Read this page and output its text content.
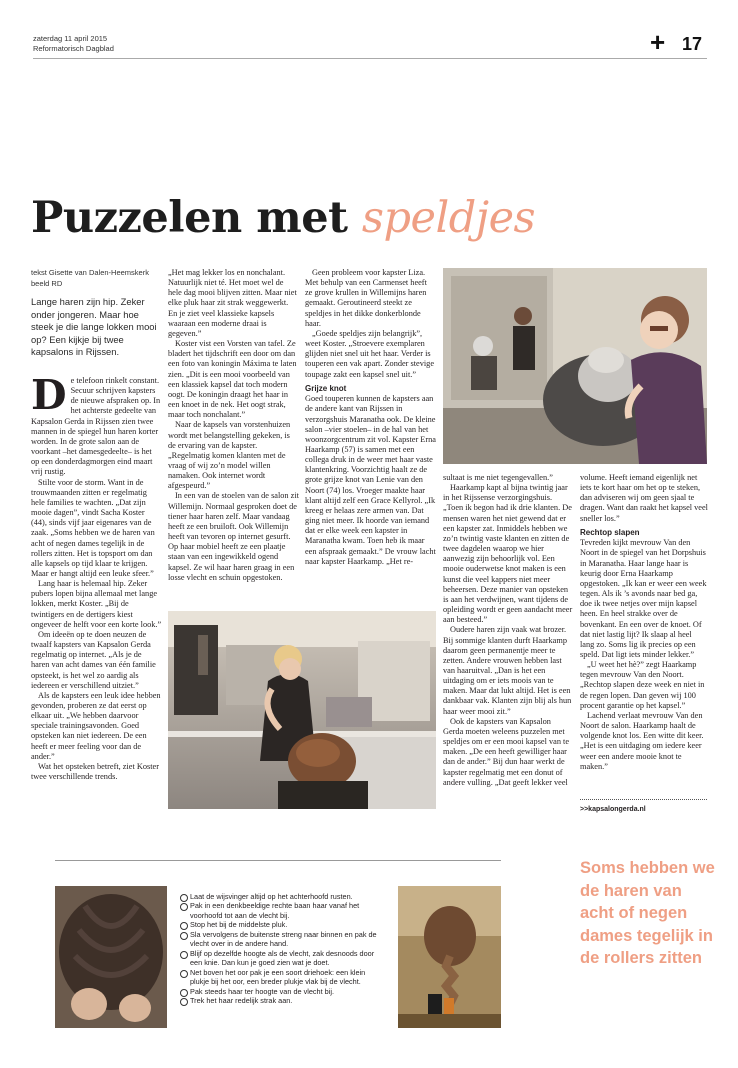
zaterdag 11 april 2015
Reformatorisch Dagblad	+ 17
Puzzelen met speldjes
tekst Gisette van Dalen-Heemskerk
beeld RD
Lange haren zijn hip. Zeker onder jongeren. Maar hoe steek je die lange lokken mooi op? Een kijkje bij twee kapsalons in Rijssen.

De telefoon rinkelt constant. Secuur schrijven kapsters de nieuwe afspraken op. In het achterste gedeelte van Kapsalon Gerda in Rijssen zien twee mannen in de spiegel hun haren korter worden. In de grote salon aan de voorkant –het damesgedeelte– is het op een donderdagmorgen eind maart vrij rustig.

Stilte voor de storm. Want in de trouwmaanden zitten er regelmatig hele families te wachten. „Dat zijn mooie dagen”, vindt Sacha Koster (44), sinds vijf jaar eigenares van de zaak. „Soms hebben we de haren van acht of negen dames tegelijk in de rollers zitten. Het is topsport om dan alle kapsels op tijd klaar te krijgen. Maar er hangt altijd een leuke sfeer.”

Lang haar is helemaal hip. Zeker pubers lopen bijna allemaal met lange lokken, merkt Koster. „Bij de twintigers en de dertigers kiest ongeveer de helft voor een korte look.”

Om ideeën op te doen neuzen de twaalf kapsters van Kapsalon Gerda regelmatig op internet. „Als je de haren van acht dames van één familie opsteekt, is het wel zo aardig als iedereen er verschillend uitziet.”

Als de kapsters een leuk idee hebben gevonden, proberen ze dat eerst op elkaar uit. „We hebben daarvoor speciale trainingsavonden. Goed opsteken kan niet iedereen. De een heeft er meer feeling voor dan de ander.”

Wat het opsteken betreft, ziet Koster twee verschillende trends.

„Het mag lekker los en nonchalant. Natuurlijk niet té. Het moet wel de hele dag mooi blijven zitten. Maar niet elke pluk haar zit strak weggewerkt. En je ziet veel klassieke kapsels waaraan een moderne draai is gegeven.”

Koster vist een Vorsten van tafel. Ze bladert het tijdschrift een door om dan een foto van koningin Máxima te laten zien. „Dit is een mooi voorbeeld van een klassiek kapsel dat toch modern oogt. De koningin draagt het haar in een knoet in de nek. Het oogt strak, maar toch nonchalant.”

Naar de kapsels van vorstenhuizen wordt met belangstelling gekeken, is de ervaring van de kapster. „Regelmatig komen klanten met de vraag of wij zo’n model willen namaken. Ook internet wordt afgespeurd.”

In een van de stoelen van de salon zit Willemijn. Normaal gesproken doet de tiener haar haren zelf. Maar vandaag heeft ze een bruiloft. Ook Willemijn heeft van tevoren op internet gesurft. Op haar mobiel heeft ze een plaatje staan van een ingewikkeld ogend kapsel. Ze wil haar haren graag in een losse vlecht en schuin opgestoken.

Geen probleem voor kapster Liza. Met behulp van een Carmenset heeft ze grove krullen in Willemijns haren gemaakt. Geroutineerd steekt ze speldjes in het dikke donkerblonde haar.

„Goede speldjes zijn belangrijk”, weet Koster. „Stroevere exemplaren glijden niet snel uit het haar. Verder is touperen een vak apart. Zonder stevige toupage zakt een kapsel snel uit.”

Grijze knot

Goed touperen kunnen de kapsters aan de andere kant van Rijssen in verzorgshuis Maranatha ook. De kleine salon –vier stoelen– in de hal van het woonzorgcentrum zit vol. Kapster Erna Haarkamp (57) is samen met een collega druk in de weer met haar vaste klantenkring. Voorzichtig haalt ze de grote grijze knot van Lenie van den Noort (74) los. Vroeger maakte haar klant altijd zelf een Grace Kellyrol. „Ik kreeg er helaas zere armen van. Dat ging niet meer. Ik hoorde van iemand dat er elke week een kapster in Maranatha kwam. Toen heb ik maar een afspraak gemaakt.” De vrouw lacht naar kapster Haarkamp. „Het re-

sultaat is me niet tegengevallen.”

Haarkamp kapt al bijna twintig jaar in het Rijssense verzorgingshuis. „Toen ik begon had ik drie klanten. De mensen waren het niet gewend dat er een kapster zat. Inmiddels hebben we zo’n twintig vaste klanten en zitten de twee dagdelen waarop we hier aanwezig zijn behoorlijk vol. Een mooie ouderwetse knot maken is een kunst die veel kappers niet meer beheersen. Deze manier van opsteken is aan het verdwijnen, want tijdens de opleiding wordt er geen aandacht meer aan besteed.”

Oudere haren zijn vaak wat brozer. Bij sommige klanten durft Haarkamp daarom geen permanentje meer te zetten. Andere vrouwen hebben last van haaruitval. „Dan is het een uitdaging om er iets moois van te maken. Maar dat lukt altijd. Het is een dankbaar vak. Klanten zijn blij als hun haar weer mooi zit.”

Ook de kapsters van Kapsalon Gerda moeten weleens puzzelen met speldjes om er een mooi kapsel van te maken. „De een heeft gewilliger haar dan de ander.” Bij dun haar werkt de kapster regelmatig met een donut of andere vulling. „Dat geeft lekker veel

volume. Heeft iemand eigenlijk net iets te kort haar om het op te steken, dan adviseren wij om geen sjaal te dragen. Want dan raakt het kapsel veel sneller los.”

Rechtop slapen

Tevreden kijkt mevrouw Van den Noort in de spiegel van het Dorpshuis in Maranatha. Haar lange haar is keurig door Erna Haarkamp opgestoken. „Ik kan er weer een week tegen. Als ik ’s avonds naar bed ga, doe ik twee netjes over mijn kapsel heen. En heel strakke over de bovenkant. En een over de knoet. Of dat niet lastig lijt? Ik slaap al heel lang zo. Soms lig ik precies op een speld. Dat ligt iets minder lekker.”

„U weet het hè?” zegt Haarkamp tegen mevrouw Van den Noort. „Rechtop slapen deze week en niet in de regen lopen. Dan geven wij 100 procent garantie op het kapsel.”

Lachend verlaat mevrouw Van den Noort de salon. Haarkamp haalt de volgende knot los. Een witte dit keer. „Het is een uitdaging om iedere keer weer een andere mooie knot te maken.”

>>kapsalongerda.nl
Laat de wijsvinger altijd op het achterhoofd rusten.
Pak in een denkbeeldige rechte baan haar vanaf het voorhoofd tot aan de vlecht bij.
Stop het bij de middelste pluk.
Sla vervolgens de buitenste streng naar binnen en pak de vlecht over in de andere hand.
Blijf op dezelfde hoogte als de vlecht, zak desnoods door een knie. Dan kun je goed zien wat je doet.
Net boven het oor pak je een soort driehoek: een klein plukje bij het oor, een breder plukje vlak bij de vlecht.
Pak steeds haar ter hoogte van de vlecht bij.
Trek het haar redelijk strak aan.
Soms hebben we de haren van acht of negen dames tegelijk in de rollers zitten
